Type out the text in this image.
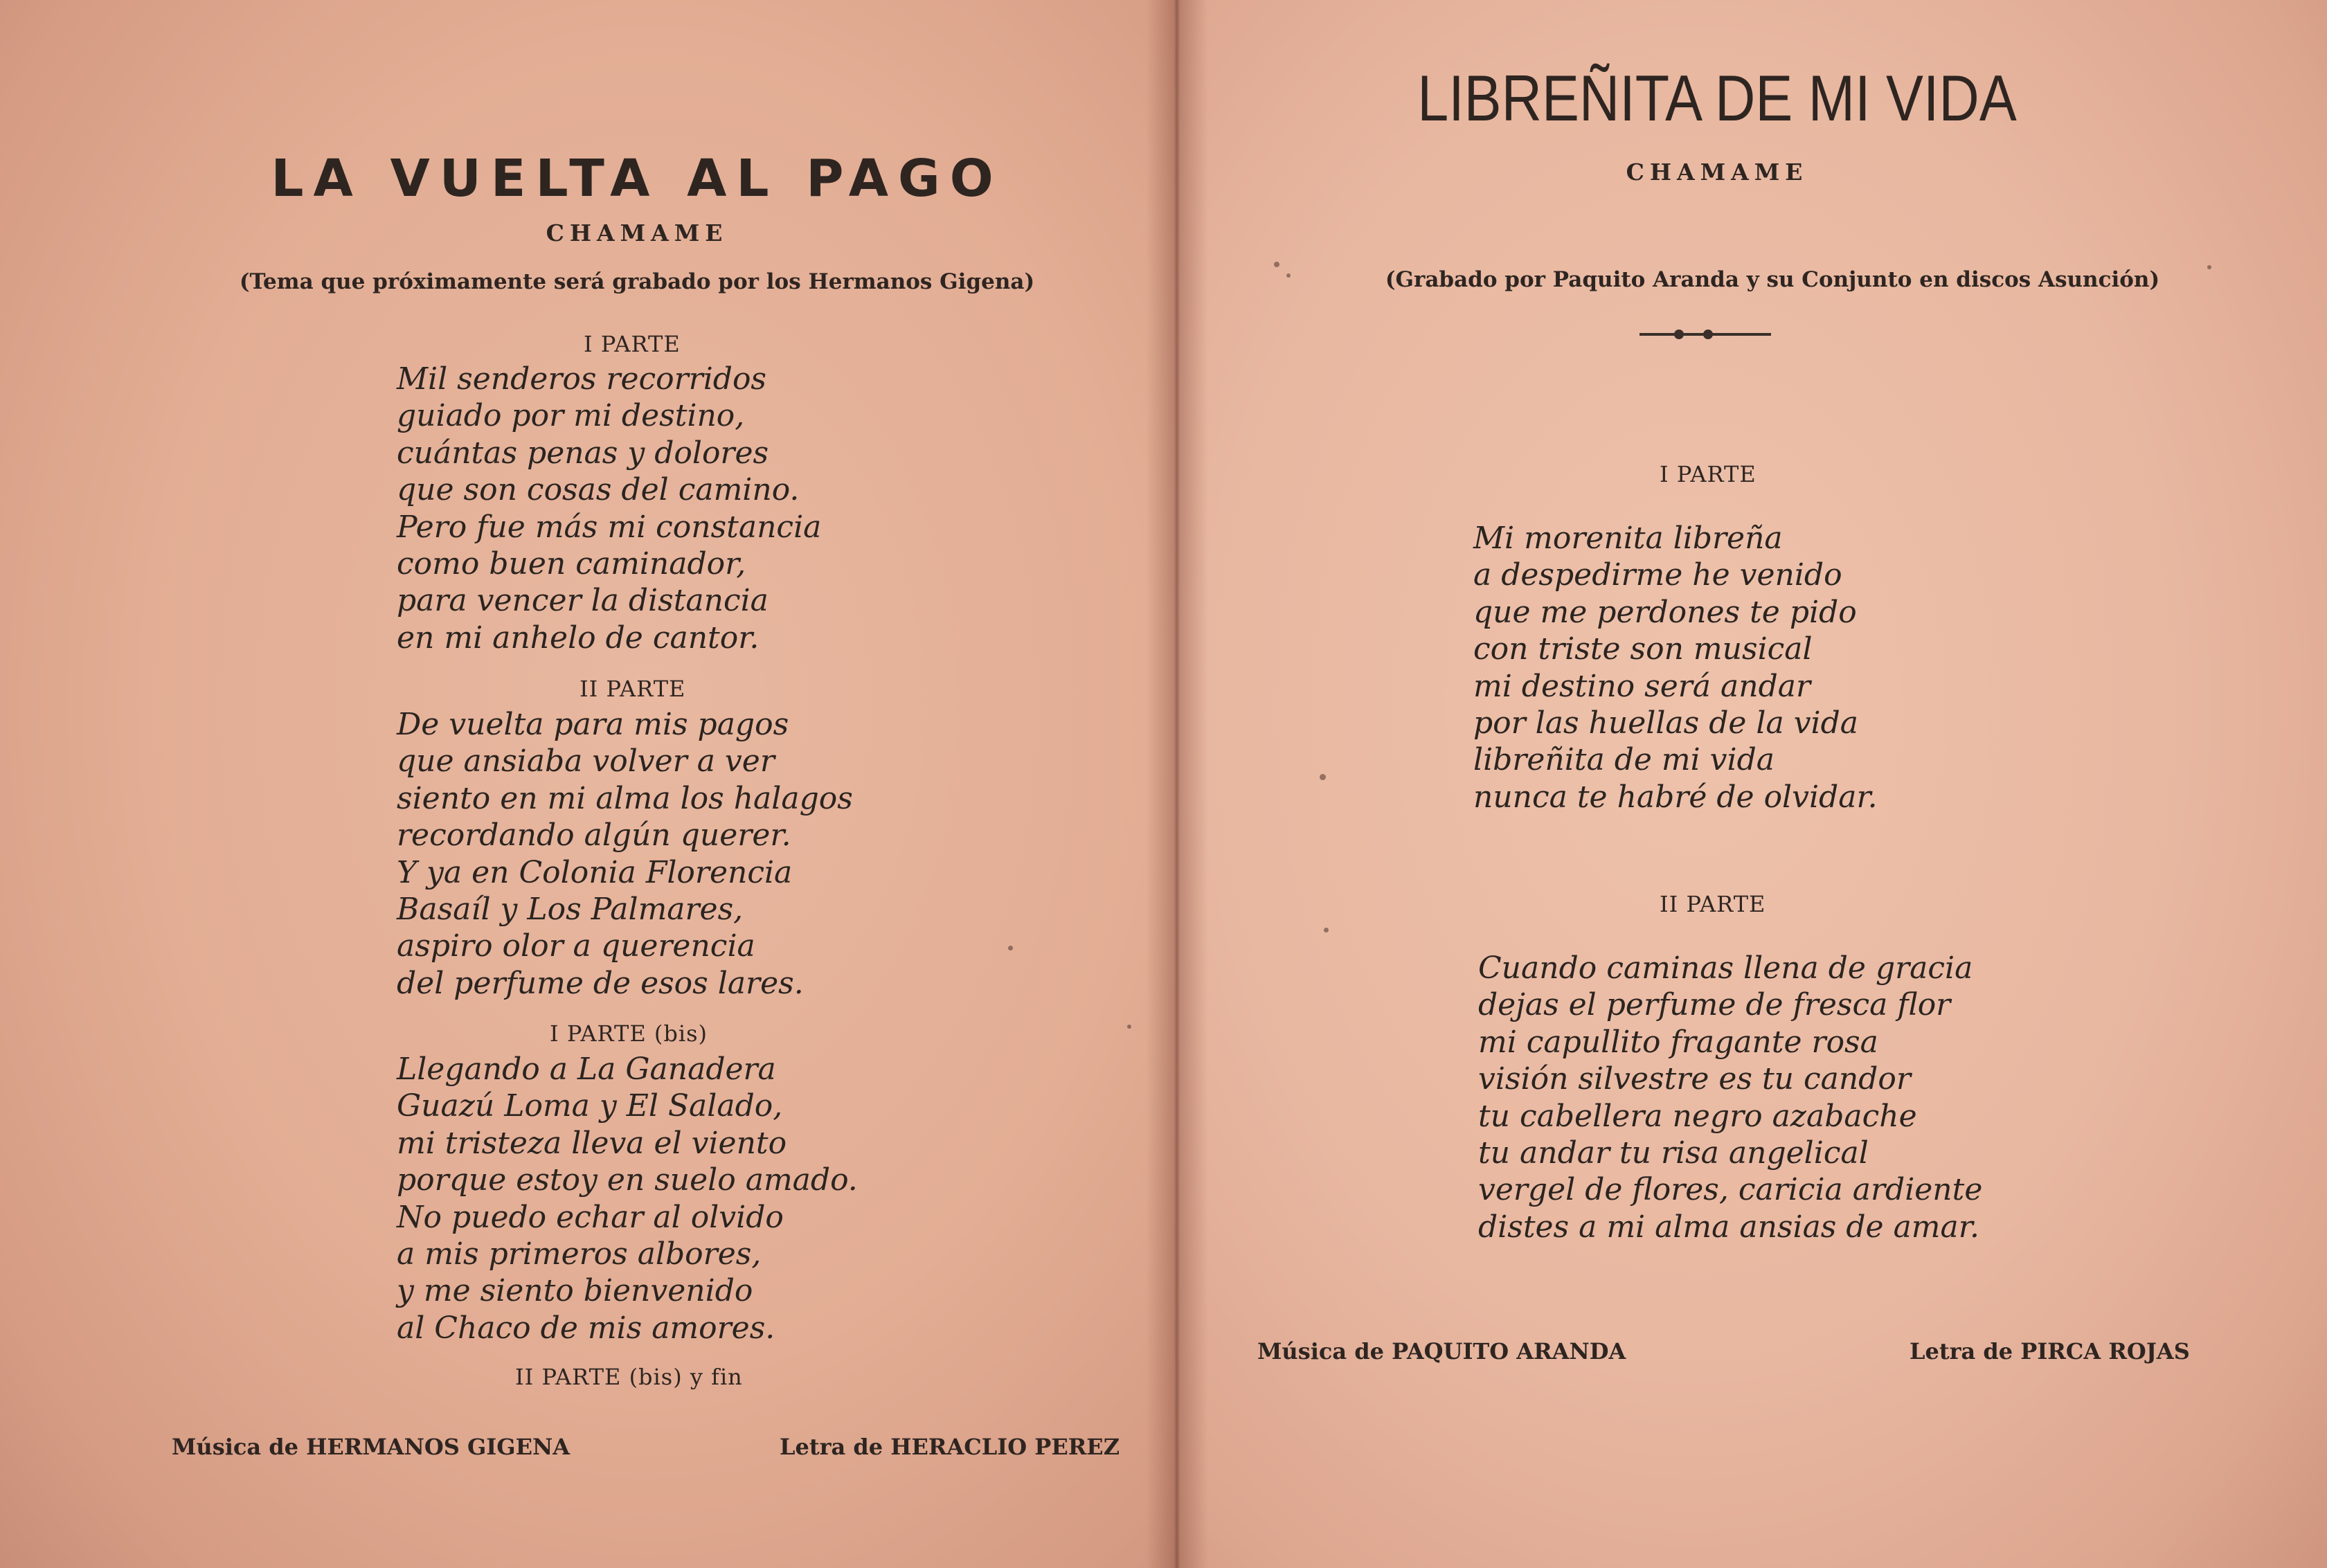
LA VUELTA AL PAGO
CHAMAME
(Tema que próximamente será grabado por los Hermanos Gigena)
I PARTE
Mil senderos recorridos
guiado por mi destino,
cuántas penas y dolores
que son cosas del camino.
Pero fue más mi constancia
como buen caminador,
para vencer la distancia
en mi anhelo de cantor.
II PARTE
De vuelta para mis pagos
que ansiaba volver a ver
siento en mi alma los halagos
recordando algún querer.
Y ya en Colonia Florencia
Basaíl y Los Palmares,
aspiro olor a querencia
del perfume de esos lares.
I PARTE (bis)
Llegando a La Ganadera
Guazú Loma y El Salado,
mi tristeza lleva el viento
porque estoy en suelo amado.
No puedo echar al olvido
a mis primeros albores,
y me siento bienvenido
al Chaco de mis amores.
II PARTE (bis) y fin
Música de HERMANOS GIGENA	Letra de HERACLIO PEREZ
LIBREÑITA DE MI VIDA
CHAMAME
(Grabado por Paquito Aranda y su Conjunto en discos Asunción)
I PARTE
Mi morenita libreña
a despedirme he venido
que me perdones te pido
con triste son musical
mi destino será andar
por las huellas de la vida
libreñita de mi vida
nunca te habré de olvidar.
II PARTE
Cuando caminas llena de gracia
dejas el perfume de fresca flor
mi capullito fragante rosa
visión silvestre es tu candor
tu cabellera negro azabache
tu andar tu risa angelical
vergel de flores, caricia ardiente
distes a mi alma ansias de amar.
Música de PAQUITO ARANDA	Letra de PIRCA ROJAS
